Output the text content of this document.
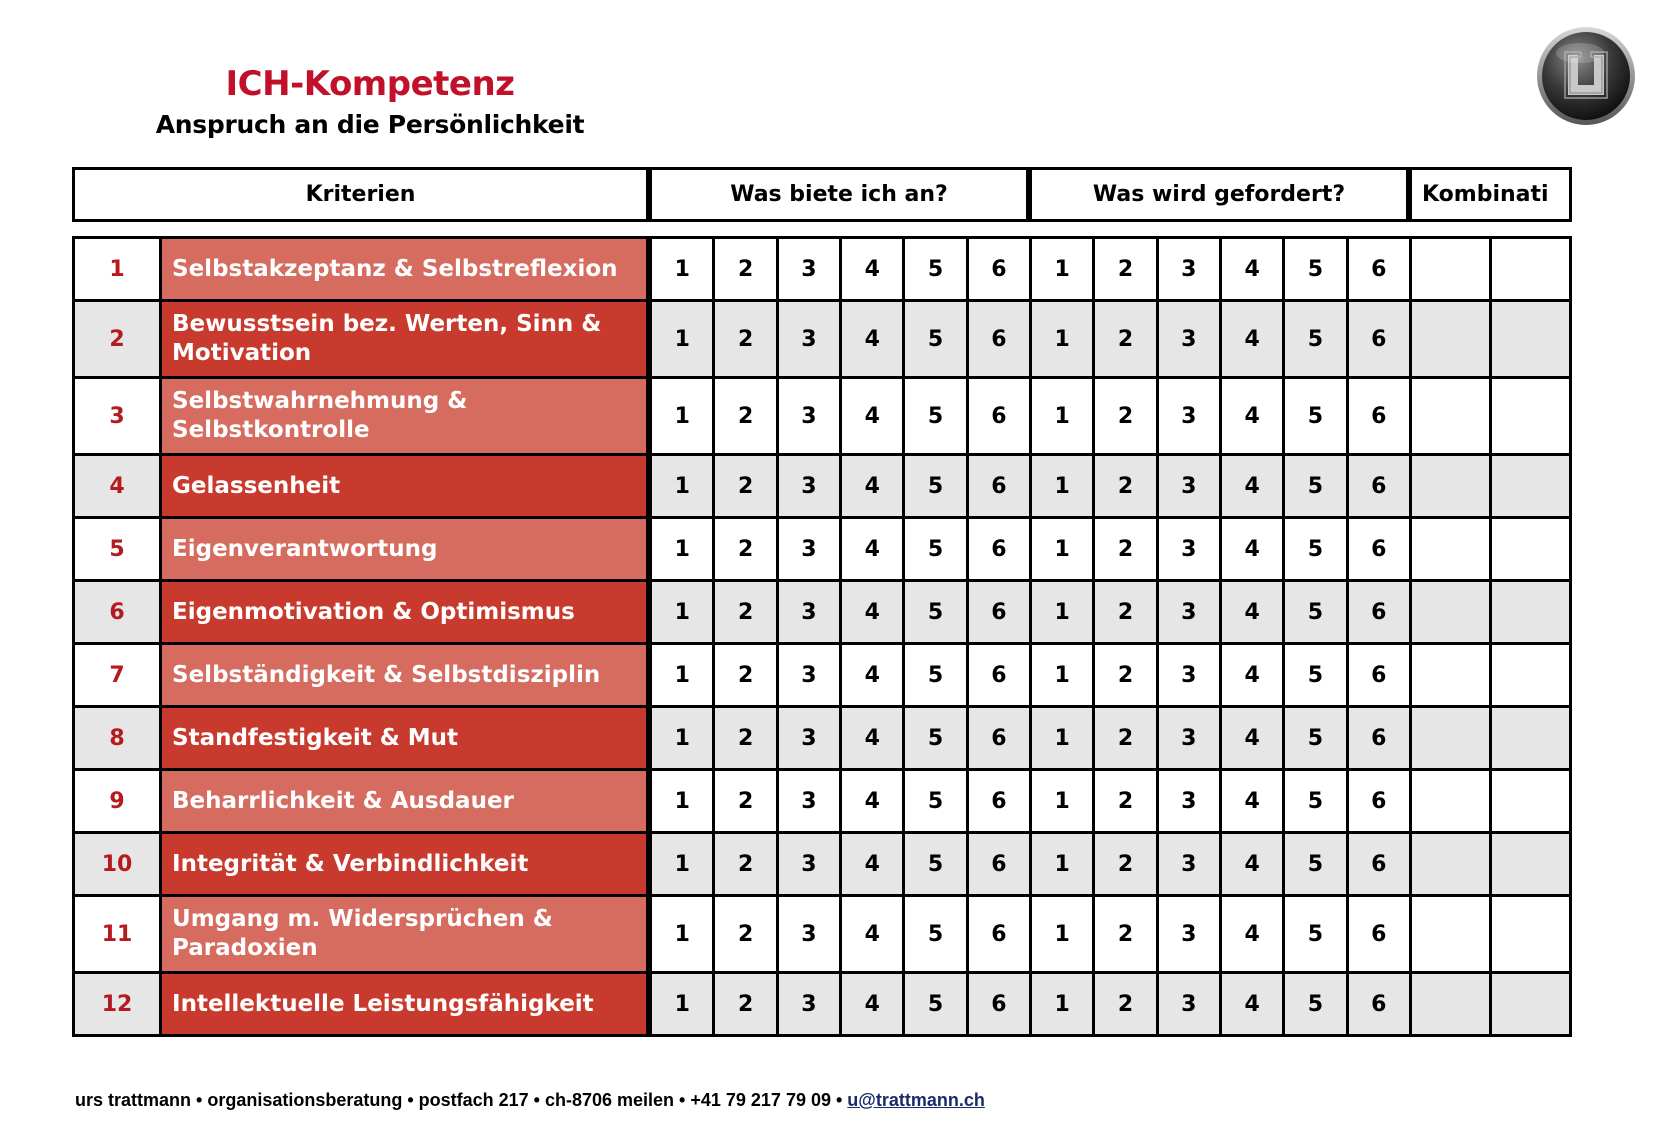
ICH-Kompetenz
Anspruch an die Persönlichkeit
Kriterien	Was biete ich an?	Was wird gefordert?	Kombinati
1	Selbstakzeptanz & Selbstreflexion	1	2	3	4	5	6	1	2	3	4	5	6		
2	Bewusstsein bez. Werten, Sinn & Motivation	1	2	3	4	5	6	1	2	3	4	5	6		
3	Selbstwahrnehmung & Selbstkontrolle	1	2	3	4	5	6	1	2	3	4	5	6		
4	Gelassenheit	1	2	3	4	5	6	1	2	3	4	5	6		
5	Eigenverantwortung	1	2	3	4	5	6	1	2	3	4	5	6		
6	Eigenmotivation & Optimismus	1	2	3	4	5	6	1	2	3	4	5	6		
7	Selbständigkeit & Selbstdisziplin	1	2	3	4	5	6	1	2	3	4	5	6		
8	Standfestigkeit & Mut	1	2	3	4	5	6	1	2	3	4	5	6		
9	Beharrlichkeit & Ausdauer	1	2	3	4	5	6	1	2	3	4	5	6		
10	Integrität & Verbindlichkeit	1	2	3	4	5	6	1	2	3	4	5	6		
11	Umgang m. Widersprüchen & Paradoxien	1	2	3	4	5	6	1	2	3	4	5	6		
12	Intellektuelle Leistungsfähigkeit	1	2	3	4	5	6	1	2	3	4	5	6		
urs trattmann • organisationsberatung • postfach 217 • ch-8706 meilen • +41 79 217 79 09 • u@trattmann.ch
